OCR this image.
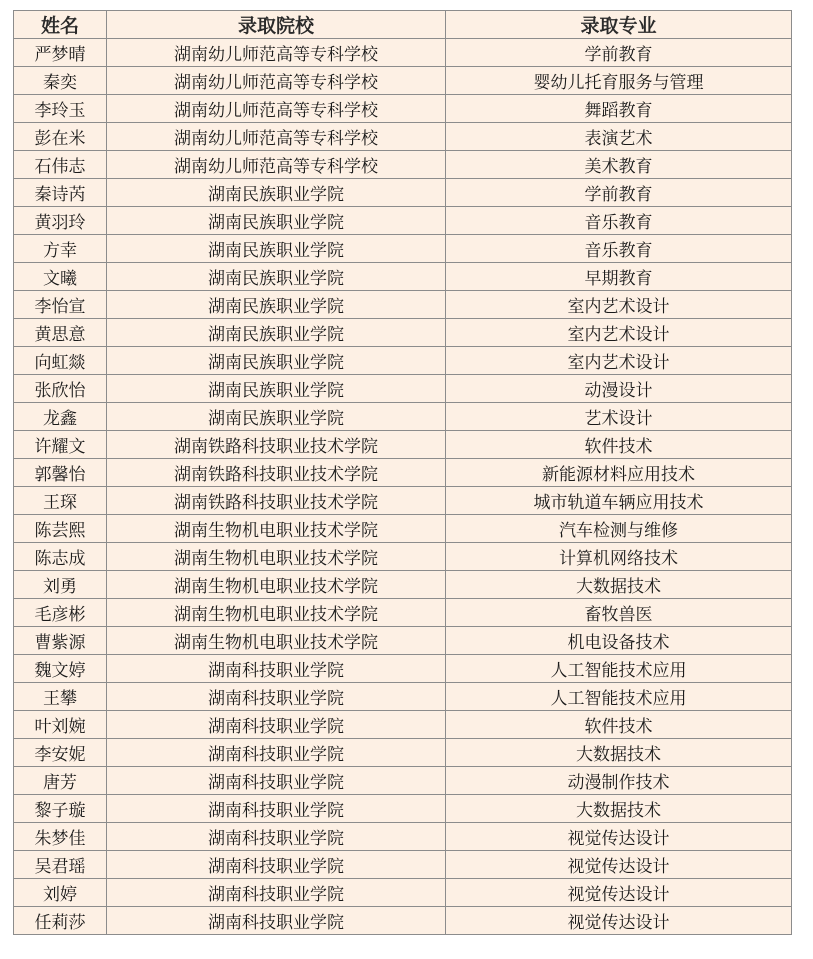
姓名	录取院校	录取专业
严梦晴	湖南幼儿师范高等专科学校	学前教育
秦奕	湖南幼儿师范高等专科学校	婴幼儿托育服务与管理
李玲玉	湖南幼儿师范高等专科学校	舞蹈教育
彭在米	湖南幼儿师范高等专科学校	表演艺术
石伟志	湖南幼儿师范高等专科学校	美术教育
秦诗芮	湖南民族职业学院	学前教育
黄羽玲	湖南民族职业学院	音乐教育
方幸	湖南民族职业学院	音乐教育
文曦	湖南民族职业学院	早期教育
李怡宣	湖南民族职业学院	室内艺术设计
黄思意	湖南民族职业学院	室内艺术设计
向虹燚	湖南民族职业学院	室内艺术设计
张欣怡	湖南民族职业学院	动漫设计
龙鑫	湖南民族职业学院	艺术设计
许耀文	湖南铁路科技职业技术学院	软件技术
郭馨怡	湖南铁路科技职业技术学院	新能源材料应用技术
王琛	湖南铁路科技职业技术学院	城市轨道车辆应用技术
陈芸熙	湖南生物机电职业技术学院	汽车检测与维修
陈志成	湖南生物机电职业技术学院	计算机网络技术
刘勇	湖南生物机电职业技术学院	大数据技术
毛彦彬	湖南生物机电职业技术学院	畜牧兽医
曹紫源	湖南生物机电职业技术学院	机电设备技术
魏文婷	湖南科技职业学院	人工智能技术应用
王攀	湖南科技职业学院	人工智能技术应用
叶刘婉	湖南科技职业学院	软件技术
李安妮	湖南科技职业学院	大数据技术
唐芳	湖南科技职业学院	动漫制作技术
黎子璇	湖南科技职业学院	大数据技术
朱梦佳	湖南科技职业学院	视觉传达设计
吴君瑶	湖南科技职业学院	视觉传达设计
刘婷	湖南科技职业学院	视觉传达设计
任莉莎	湖南科技职业学院	视觉传达设计
